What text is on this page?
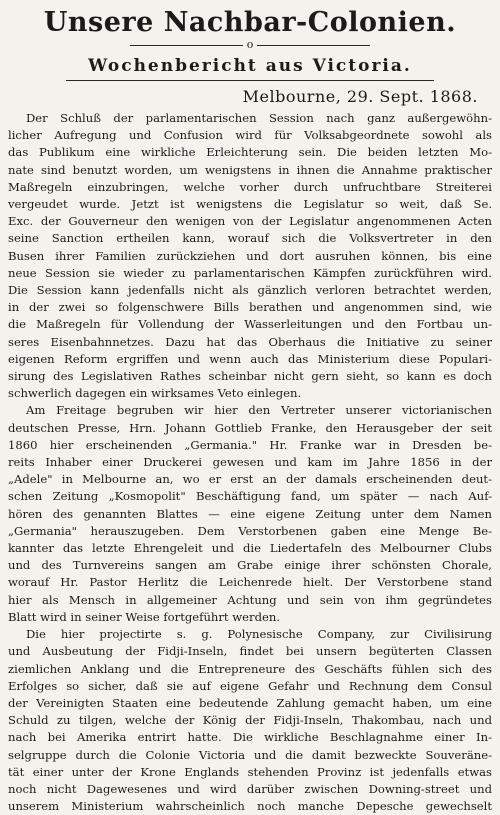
Unsere Nachbar-Colonien.
o
Wochenbericht aus Victoria.
Melbourne, 29. Sept. 1868.
Der Schluß der parlamentarischen Session nach ganz außergewöhn-
licher Aufregung und Confusion wird für Volksabgeordnete sowohl als
das Publikum eine wirkliche Erleichterung sein. Die beiden letzten Mo-
nate sind benutzt worden, um wenigstens in ihnen die Annahme praktischer
Maßregeln einzubringen, welche vorher durch unfruchtbare Streiterei
vergeudet wurde. Jetzt ist wenigstens die Legislatur so weit, daß Se.
Exc. der Gouverneur den wenigen von der Legislatur angenommenen Acten
seine Sanction ertheilen kann, worauf sich die Volksvertreter in den
Busen ihrer Familien zurückziehen und dort ausruhen können, bis eine
neue Session sie wieder zu parlamentarischen Kämpfen zurückführen wird.
Die Session kann jedenfalls nicht als gänzlich verloren betrachtet werden,
in der zwei so folgenschwere Bills berathen und angenommen sind, wie
die Maßregeln für Vollendung der Wasserleitungen und den Fortbau un-
seres Eisenbahnnetzes. Dazu hat das Oberhaus die Initiative zu seiner
eigenen Reform ergriffen und wenn auch das Ministerium diese Populari-
sirung des Legislativen Rathes scheinbar nicht gern sieht, so kann es doch
schwerlich dagegen ein wirksames Veto einlegen.
Am Freitage begruben wir hier den Vertreter unserer victorianischen
deutschen Presse, Hrn. Johann Gottlieb Franke, den Herausgeber der seit
1860 hier erscheinenden „Germania." Hr. Franke war in Dresden be-
reits Inhaber einer Druckerei gewesen und kam im Jahre 1856 in der
„Adele" in Melbourne an, wo er erst an der damals erscheinenden deut-
schen Zeitung „Kosmopolit" Beschäftigung fand, um später — nach Auf-
hören des genannten Blattes — eine eigene Zeitung unter dem Namen
„Germania" herauszugeben. Dem Verstorbenen gaben eine Menge Be-
kannter das letzte Ehrengeleit und die Liedertafeln des Melbourner Clubs
und des Turnvereins sangen am Grabe einige ihrer schönsten Chorale,
worauf Hr. Pastor Herlitz die Leichenrede hielt. Der Verstorbene stand
hier als Mensch in allgemeiner Achtung und sein von ihm gegründetes
Blatt wird in seiner Weise fortgeführt werden.
Die hier projectirte s. g. Polynesische Company, zur Civilisirung
und Ausbeutung der Fidji-Inseln, findet bei unsern begüterten Classen
ziemlichen Anklang und die Entrepreneure des Geschäfts fühlen sich des
Erfolges so sicher, daß sie auf eigene Gefahr und Rechnung dem Consul
der Vereinigten Staaten eine bedeutende Zahlung gemacht haben, um eine
Schuld zu tilgen, welche der König der Fidji-Inseln, Thakombau, nach und
nach bei Amerika entrirt hatte. Die wirkliche Beschlagnahme einer In-
selgruppe durch die Colonie Victoria und die damit bezweckte Souveräne-
tät einer unter der Krone Englands stehenden Provinz ist jedenfalls etwas
noch nicht Dagewesenes und wird darüber zwischen Downing-street und
unserem Ministerium wahrscheinlich noch manche Depesche gewechselt
